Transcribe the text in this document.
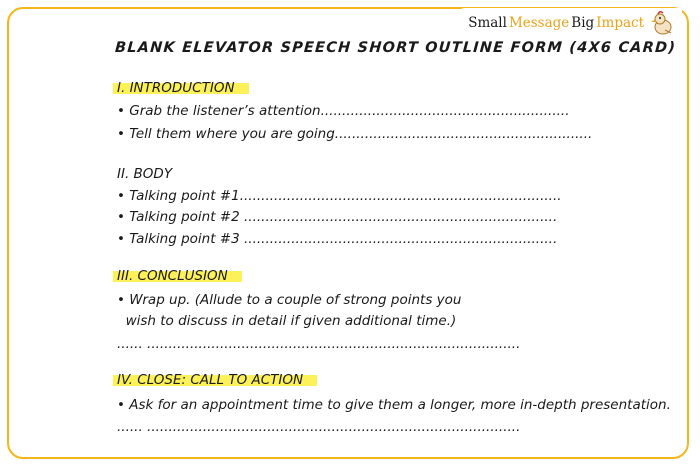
Small Message Big Impact
BLANK ELEVATOR SPEECH SHORT OUTLINE FORM (4X6 CARD)
I. INTRODUCTION
• Grab the listener’s attention..........................................................
• Tell them where you are going............................................................
II. BODY
• Talking point #1...........................................................................
• Talking point #2 .........................................................................
• Talking point #3 .........................................................................
III. CONCLUSION
• Wrap up. (Allude to a couple of strong points you
wish to discuss in detail if given additional time.)
...... .......................................................................................
IV. CLOSE: CALL TO ACTION
• Ask for an appointment time to give them a longer, more in-depth presentation.
...... .......................................................................................
